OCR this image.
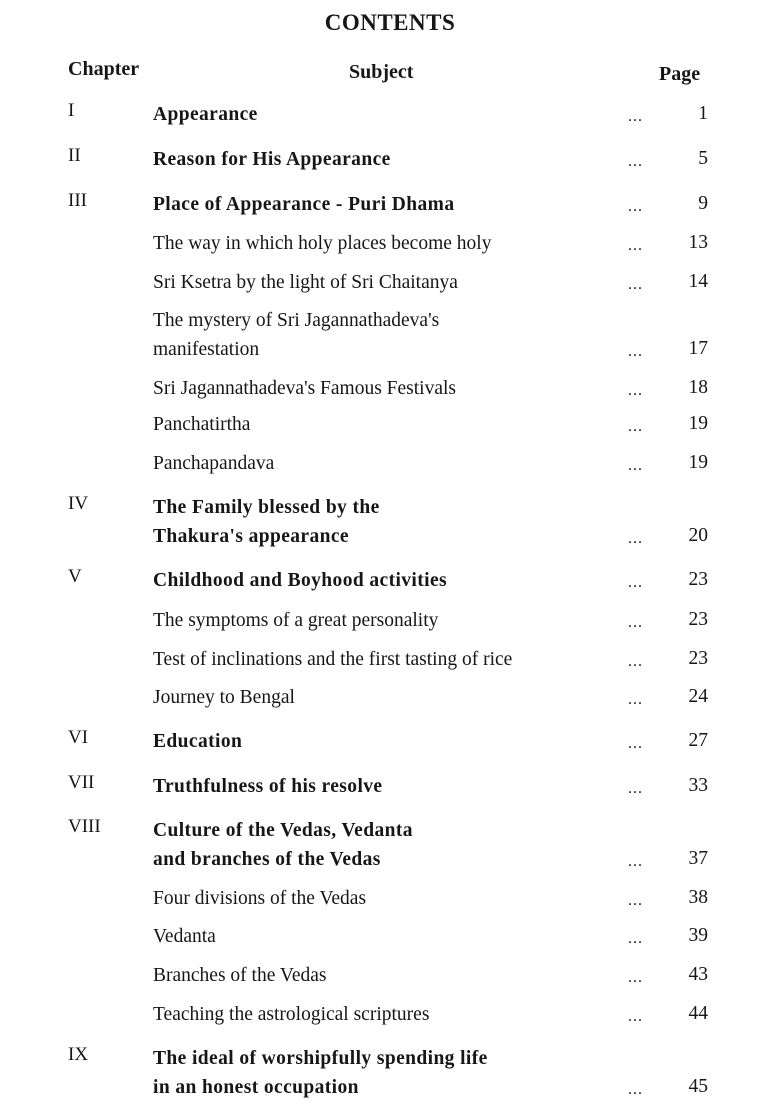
CONTENTS
Chapter	Subject	Page
I	Appearance	...	1
II	Reason for His Appearance	...	5
III	Place of Appearance - Puri Dhama	...	9
The way in which holy places become holy	... 13
Sri Ksetra by the light of Sri Chaitanya	... 14
The mystery of Sri Jagannathadeva's
manifestation	... 17
Sri Jagannathadeva's Famous Festivals	... 18
Panchatirtha	... 19
Panchapandava	... 19
IV	The Family blessed by the
Thakura's appearance	... 20
V	Childhood and Boyhood activities	... 23
The symptoms of a great personality	... 23
Test of inclinations and the first tasting of rice	... 23
Journey to Bengal	... 24
VI	Education	... 27
VII	Truthfulness of his resolve	... 33
VIII	Culture of the Vedas, Vedanta
and branches of the Vedas	... 37
Four divisions of the Vedas	... 38
Vedanta	... 39
Branches of the Vedas	... 43
Teaching the astrological scriptures	... 44
IX	The ideal of worshipfully spending life
in an honest occupation	... 45
